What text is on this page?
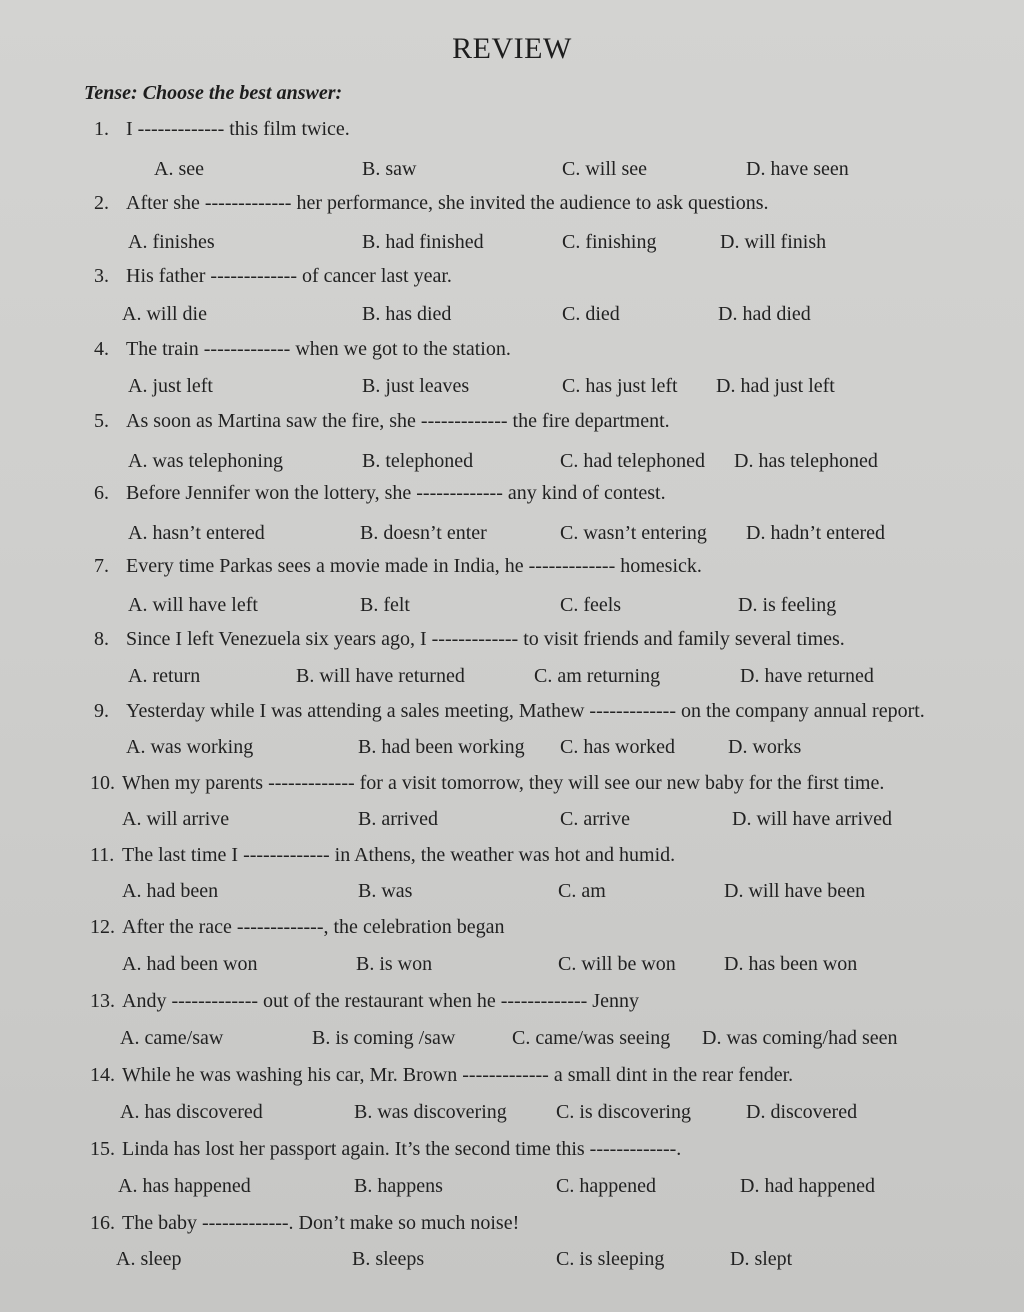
REVIEW
Tense: Choose the best answer:
1. I ------------- this film twice.
A. see	B. saw	C. will see	D. have seen
2. After she ------------- her performance, she invited the audience to ask questions.
A. finishes	B. had finished	C. finishing	D. will finish
3. His father ------------- of cancer last year.
A. will die	B. has died	C. died	D. had died
4. The train ------------- when we got to the station.
A. just left	B. just leaves	C. has just left D. had just left
5. As soon as Martina saw the fire, she ------------- the fire department.
A. was telephoning	B. telephoned	C. had telephoned D. has telephoned
6. Before Jennifer won the lottery, she ------------- any kind of contest.
A. hasn’t entered	B. doesn’t enter	C. wasn’t entering D. hadn’t entered
7. Every time Parkas sees a movie made in India, he ------------- homesick.
A. will have left	B. felt	C. feels	D. is feeling
8. Since I left Venezuela six years ago, I ------------- to visit friends and family several times.
A. return	B. will have returned	C. am returning	D. have returned
9. Yesterday while I was attending a sales meeting, Mathew ------------- on the company annual report.
A. was working	B. had been working C. has worked	D. works
10. When my parents ------------- for a visit tomorrow, they will see our new baby for the first time.
A. will arrive	B. arrived	C. arrive	D. will have arrived
11. The last time I ------------- in Athens, the weather was hot and humid.
A. had been	B. was	C. am	D. will have been
12. After the race -------------, the celebration began
A. had been won	B. is won	C. will be won D. has been won
13. Andy ------------- out of the restaurant when he ------------- Jenny
A. came/saw	B. is coming /saw	C. came/was seeing D. was coming/had seen
14. While he was washing his car, Mr. Brown ------------- a small dint in the rear fender.
A. has discovered	B. was discovering C. is discovering	D. discovered
15. Linda has lost her passport again. It’s the second time this -------------.
A. has happened	B. happens	C. happened	D. had happened
16. The baby -------------. Don’t make so much noise!
A. sleep	B. sleeps	C. is sleeping	D. slept
